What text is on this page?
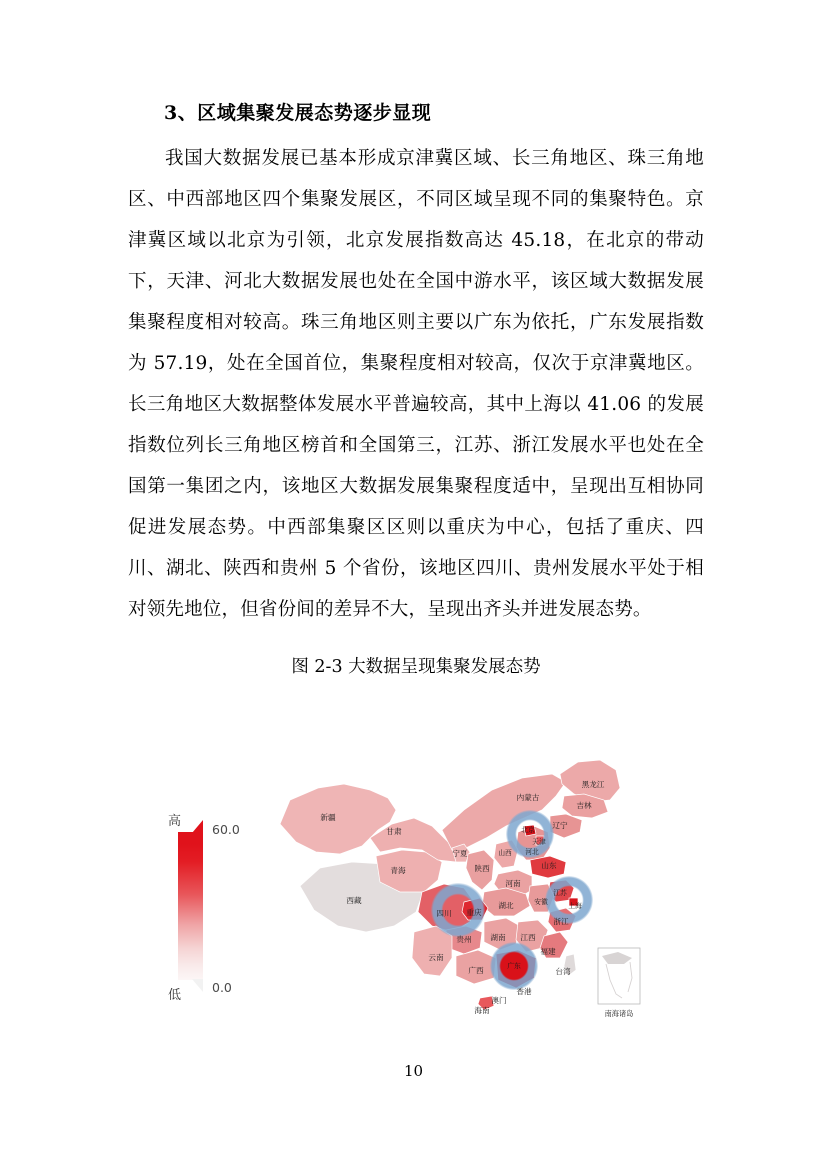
3、区域集聚发展态势逐步显现

我国大数据发展已基本形成京津冀区域、长三角地区、珠三角地区、中西部地区四个集聚发展区，不同区域呈现不同的集聚特色。京津冀区域以北京为引领，北京发展指数高达 45.18，在北京的带动下，天津、河北大数据发展也处在全国中游水平，该区域大数据发展集聚程度相对较高。珠三角地区则主要以广东为依托，广东发展指数为 57.19，处在全国首位，集聚程度相对较高，仅次于京津冀地区。长三角地区大数据整体发展水平普遍较高，其中上海以 41.06 的发展指数位列长三角地区榜首和全国第三，江苏、浙江发展水平也处在全国第一集团之内，该地区大数据发展集聚程度适中，呈现出互相协同促进发展态势。中西部集聚区区则以重庆为中心，包括了重庆、四川、湖北、陕西和贵州 5 个省份，该地区四川、贵州发展水平处于相对领先地位，但省份间的差异不大，呈现出齐头并进发展态势。

图 2-3 大数据呈现集聚发展态势
高
低
60.0
0.0
新疆
西藏
青海
甘肃
内蒙古
黑龙江
吉林
辽宁
宁夏
陕西
北京
天津
河北
山西
山东
河南
安徽
江苏
上海
湖北
浙江
四川 重庆
贵州 湖南 江西
福建
云南
广西	广东
台湾
香港
澳门
海南	南海诸岛
10
